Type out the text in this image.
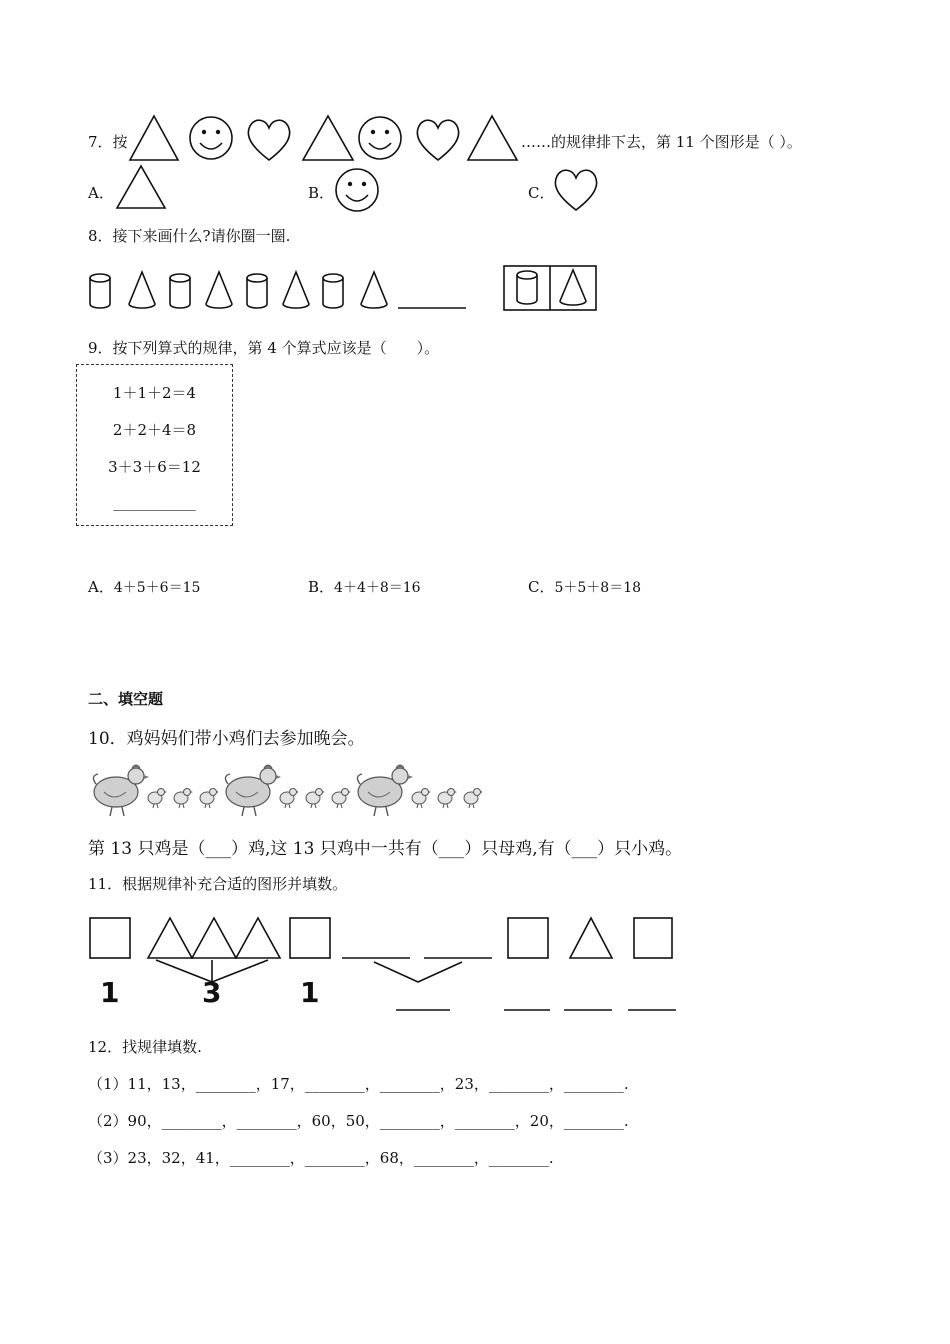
7．按	……的规律排下去，第 11 个图形是（ ）。
A．	B．	C．
8．接下来画什么?请你圈一圈.
9．按下列算式的规律，第 4 个算式应该是（　　）。
1＋1＋2＝4
2＋2＋4＝8
3＋3＋6＝12
___________
A．4＋5＋6＝15	B．4＋4＋8＝16	C．5＋5＋8＝18
二、填空题
10．鸡妈妈们带小鸡们去参加晚会。
第 13 只鸡是（___）鸡,这 13 只鸡中一共有（___）只母鸡,有（___）只小鸡。
11．根据规律补充合适的图形并填数。
1	3	1
12．找规律填数.
（1）11，13，________，17，________，________，23，________，________.
（2）90，________，________，60，50，________，________，20，________.
（3）23，32，41，________，________，68，________，________.
